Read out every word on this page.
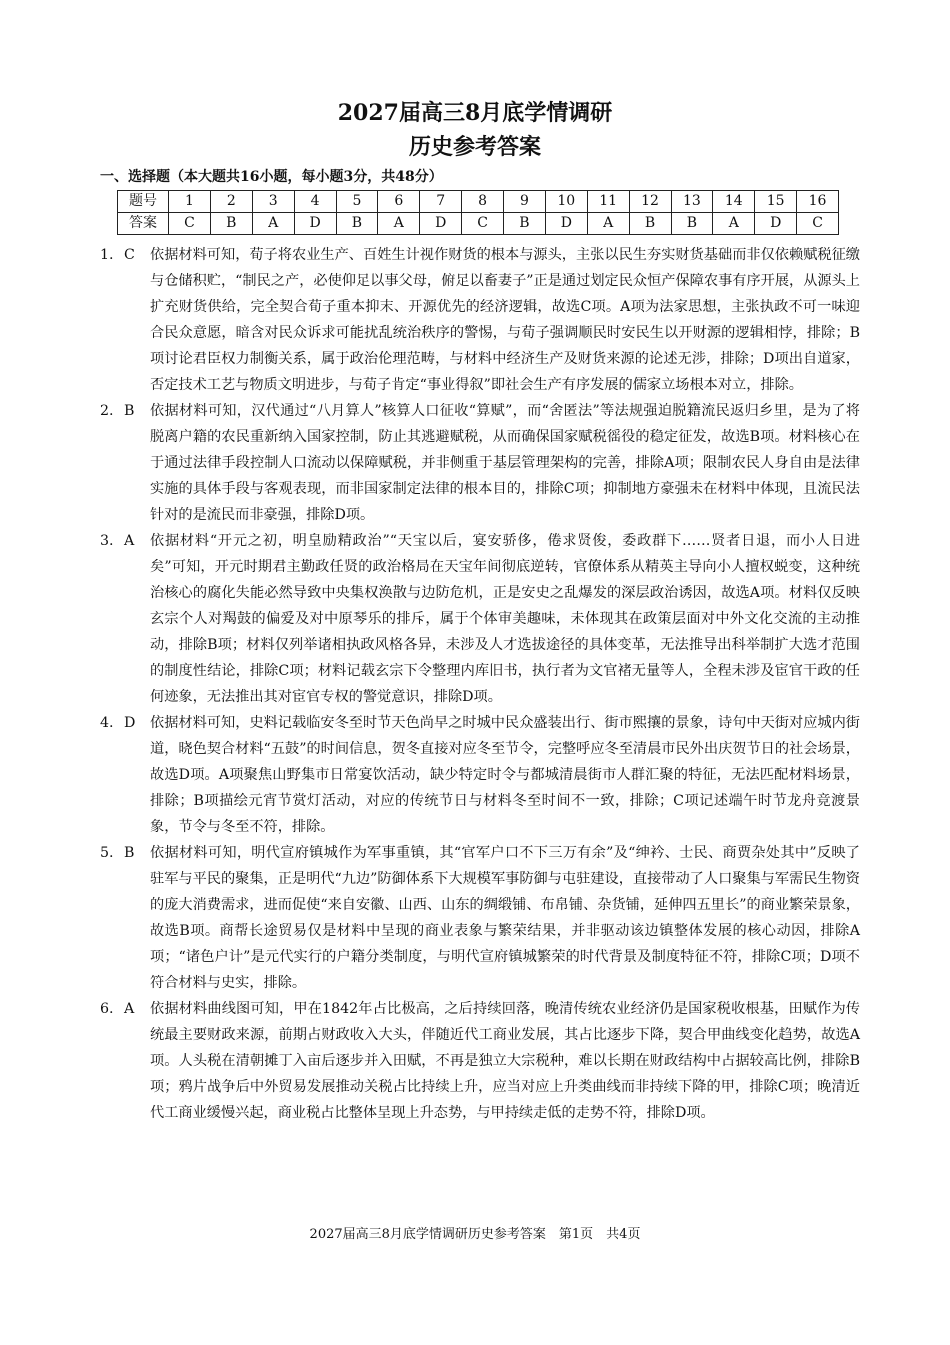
2027届高三8月底学情调研
历史参考答案
一、选择题（本大题共16小题，每小题3分，共48分）
题号	1	2	3	4	5	6	7	8	9	10	11	12	13	14	15	16
答案	C	B	A	D	B	A	D	C	B	D	A	B	B	A	D	C
1. C 依据材料可知，荀子将农业生产、百姓生计视作财货的根本与源头，主张以民生夯实财货基础而非仅依赖赋税征缴与仓储积贮，“制民之产，必使仰足以事父母，俯足以畜妻子”正是通过划定民众恒产保障农事有序开展，从源头上扩充财货供给，完全契合荀子重本抑末、开源优先的经济逻辑，故选C项。A项为法家思想，主张执政不可一味迎合民众意愿，暗含对民众诉求可能扰乱统治秩序的警惕，与荀子强调顺民时安民生以开财源的逻辑相悖，排除；B项讨论君臣权力制衡关系，属于政治伦理范畴，与材料中经济生产及财货来源的论述无涉，排除；D项出自道家，否定技术工艺与物质文明进步，与荀子肯定“事业得叙”即社会生产有序发展的儒家立场根本对立，排除。
2. B 依据材料可知，汉代通过“八月算人”核算人口征收“算赋”，而“舍匿法”等法规强迫脱籍流民返归乡里，是为了将脱离户籍的农民重新纳入国家控制，防止其逃避赋税，从而确保国家赋税徭役的稳定征发，故选B项。材料核心在于通过法律手段控制人口流动以保障赋税，并非侧重于基层管理架构的完善，排除A项；限制农民人身自由是法律实施的具体手段与客观表现，而非国家制定法律的根本目的，排除C项；抑制地方豪强未在材料中体现，且流民法针对的是流民而非豪强，排除D项。
3. A 依据材料“开元之初，明皇励精政治”“天宝以后，宴安骄侈，倦求贤俊，委政群下……贤者日退，而小人日进矣”可知，开元时期君主勤政任贤的政治格局在天宝年间彻底逆转，官僚体系从精英主导向小人擅权蜕变，这种统治核心的腐化失能必然导致中央集权涣散与边防危机，正是安史之乱爆发的深层政治诱因，故选A项。材料仅反映玄宗个人对羯鼓的偏爱及对中原琴乐的排斥，属于个体审美趣味，未体现其在政策层面对中外文化交流的主动推动，排除B项；材料仅列举诸相执政风格各异，未涉及人才选拔途径的具体变革，无法推导出科举制扩大选才范围的制度性结论，排除C项；材料记载玄宗下令整理内库旧书，执行者为文官褚无量等人，全程未涉及宦官干政的任何迹象，无法推出其对宦官专权的警觉意识，排除D项。
4. D 依据材料可知，史料记载临安冬至时节天色尚早之时城中民众盛装出行、街市熙攘的景象，诗句中天街对应城内街道，晓色契合材料“五鼓”的时间信息，贺冬直接对应冬至节令，完整呼应冬至清晨市民外出庆贺节日的社会场景，故选D项。A项聚焦山野集市日常宴饮活动，缺少特定时令与都城清晨街市人群汇聚的特征，无法匹配材料场景，排除；B项描绘元宵节赏灯活动，对应的传统节日与材料冬至时间不一致，排除；C项记述端午时节龙舟竞渡景象，节令与冬至不符，排除。
5. B 依据材料可知，明代宣府镇城作为军事重镇，其“官军户口不下三万有余”及“绅衿、士民、商贾杂处其中”反映了驻军与平民的聚集，正是明代“九边”防御体系下大规模军事防御与屯驻建设，直接带动了人口聚集与军需民生物资的庞大消费需求，进而促使“来自安徽、山西、山东的绸缎铺、布帛铺、杂货铺，延伸四五里长”的商业繁荣景象，故选B项。商帮长途贸易仅是材料中呈现的商业表象与繁荣结果，并非驱动该边镇整体发展的核心动因，排除A项；“诸色户计”是元代实行的户籍分类制度，与明代宣府镇城繁荣的时代背景及制度特征不符，排除C项；D项不符合材料与史实，排除。
6. A 依据材料曲线图可知，甲在1842年占比极高，之后持续回落，晚清传统农业经济仍是国家税收根基，田赋作为传统最主要财政来源，前期占财政收入大头，伴随近代工商业发展，其占比逐步下降，契合甲曲线变化趋势，故选A项。人头税在清朝摊丁入亩后逐步并入田赋，不再是独立大宗税种，难以长期在财政结构中占据较高比例，排除B项；鸦片战争后中外贸易发展推动关税占比持续上升，应当对应上升类曲线而非持续下降的甲，排除C项；晚清近代工商业缓慢兴起，商业税占比整体呈现上升态势，与甲持续走低的走势不符，排除D项。
2027届高三8月底学情调研历史参考答案　第1页　共4页
